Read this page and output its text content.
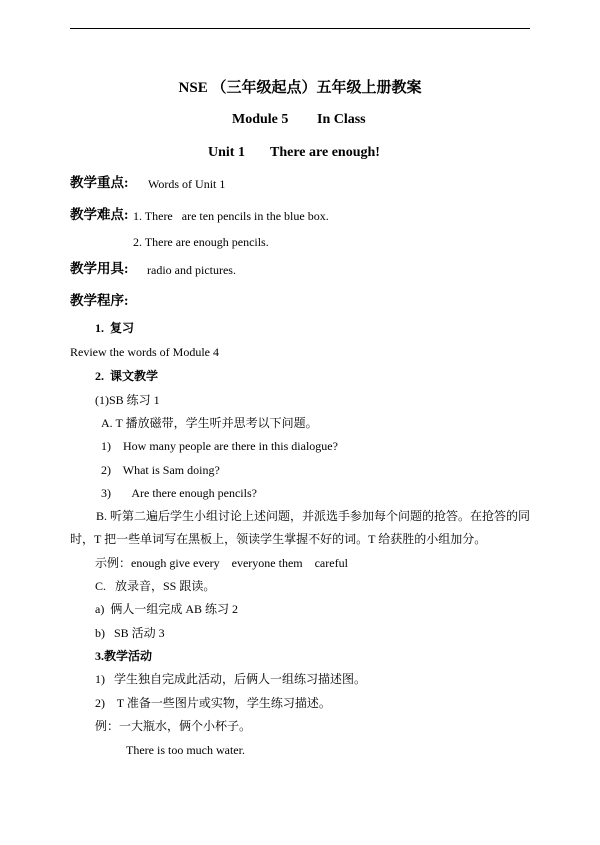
NSE （三年级起点）五年级上册教案
Module 5 In Class
Unit 1 There are enough!
教学重点: Words of Unit 1
教学难点: 1. There   are ten pencils in the blue box.
2. There are enough pencils.
教学用具: radio and pictures.
教学程序:
1.  复习
Review the words of Module 4
2.  课文教学
(1)SB 练习 1
A. T 播放磁带，学生听并思考以下问题。
1)    How many people are there in this dialogue?
2)    What is Sam doing?
3)       Are there enough pencils?
B. 听第二遍后学生小组讨论上述问题，并派选手参加每个问题的抢答。在抢答的同时，T 把一些单词写在黑板上，领读学生掌握不好的词。T 给获胜的小组加分。
示例：enough give every    everyone them    careful
C.   放录音，SS 跟读。
a)  俩人一组完成 AB 练习 2
b)   SB 活动 3
3.教学活动
1)   学生独自完成此活动，后俩人一组练习描述图。
2)    T 准备一些图片或实物，学生练习描述。
例：一大瓶水，俩个小杯子。
There is too much water.
